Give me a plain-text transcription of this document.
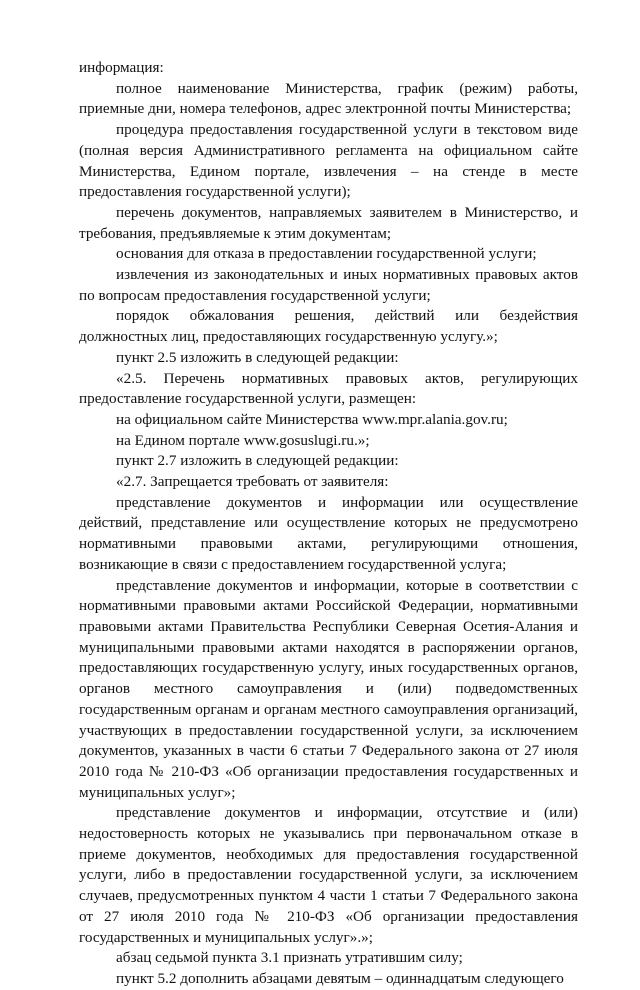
информация:

полное наименование Министерства, график (режим) работы, приемные дни, номера телефонов, адрес электронной почты Министерства;

процедура предоставления государственной услуги в текстовом виде (полная версия Административного регламента на официальном сайте Министерства, Едином портале, извлечения – на стенде в месте предоставления государственной услуги);

перечень документов, направляемых заявителем в Министерство, и требования, предъявляемые к этим документам;

основания для отказа в предоставлении государственной услуги;

извлечения из законодательных и иных нормативных правовых актов по вопросам предоставления государственной услуги;

порядок обжалования решения, действий или бездействия должностных лиц, предоставляющих государственную услугу.»;

пункт 2.5 изложить в следующей редакции:

«2.5. Перечень нормативных правовых актов, регулирующих предоставление государственной услуги, размещен:

на официальном сайте Министерства www.mpr.alania.gov.ru;

на Едином портале www.gosuslugi.ru.»;

пункт 2.7 изложить в следующей редакции:

«2.7. Запрещается требовать от заявителя:

представление документов и информации или осуществление действий, представление или осуществление которых не предусмотрено нормативными правовыми актами, регулирующими отношения, возникающие в связи с предоставлением государственной услуга;

представление документов и информации, которые в соответствии с нормативными правовыми актами Российской Федерации, нормативными правовыми актами Правительства Республики Северная Осетия-Алания и муниципальными правовыми актами находятся в распоряжении органов, предоставляющих государственную услугу, иных государственных органов, органов местного самоуправления и (или) подведомственных государственным органам и органам местного самоуправления организаций, участвующих в предоставлении государственной услуги, за исключением документов, указанных в части 6 статьи 7 Федерального закона от 27 июля 2010 года № 210-ФЗ «Об организации предоставления государственных и муниципальных услуг»;

представление документов и информации, отсутствие и (или) недостоверность которых не указывались при первоначальном отказе в приеме документов, необходимых для предоставления государственной услуги, либо в предоставлении государственной услуги, за исключением случаев, предусмотренных пунктом 4 части 1 статьи 7 Федерального закона от 27 июля 2010 года № 210-ФЗ «Об организации предоставления государственных и муниципальных услуг».»;

абзац седьмой пункта 3.1 признать утратившим силу;

пункт 5.2 дополнить абзацами девятым – одиннадцатым следующего
